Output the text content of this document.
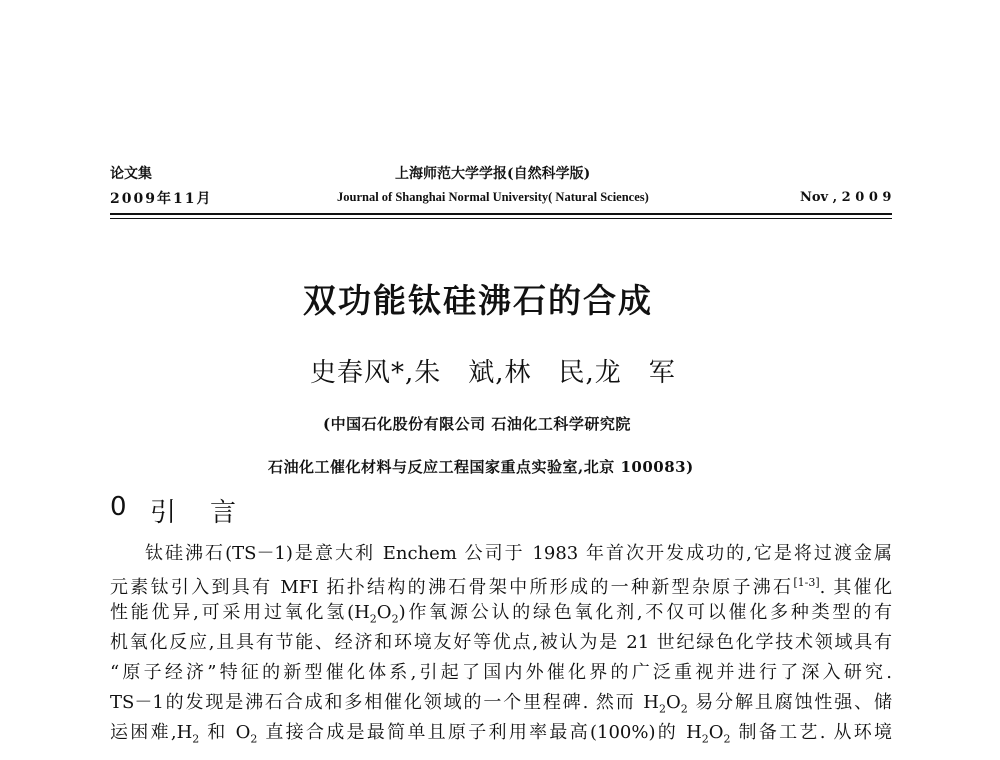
论文集
2009年11月
上海师范大学学报(自然科学版)
Journal of Shanghai Normal University( Natural Sciences)	Nov , 2 0 0 9
双功能钛硅沸石的合成
史春风*,朱　斌,林　民,龙　军
(中国石化股份有限公司 石油化工科学研究院
石油化工催化材料与反应工程国家重点实验室,北京 100083)
0 引　言
钛硅沸石(TS－1)是意大利 Enchem 公司于 1983 年首次开发成功的,它是将过渡金属
元素钛引入到具有 MFI 拓扑结构的沸石骨架中所形成的一种新型杂原子沸石[1-3]. 其催化
性能优异,可采用过氧化氢$(H_2O_2)$作氧源公认的绿色氧化剂,不仅可以催化多种类型的有
机氧化反应,且具有节能、经济和环境友好等优点,被认为是 21 世纪绿色化学技术领域具有
“原子经济”特征的新型催化体系,引起了国内外催化界的广泛重视并进行了深入研究.
TS－1的发现是沸石合成和多相催化领域的一个里程碑. 然而 $H_2O_2$ 易分解且腐蚀性强、储
运困难$,H_2$ 和 $O_2$ 直接合成是最简单且原子利用率最高(100%)的 $H_2O_2$ 制备工艺. 从环境
